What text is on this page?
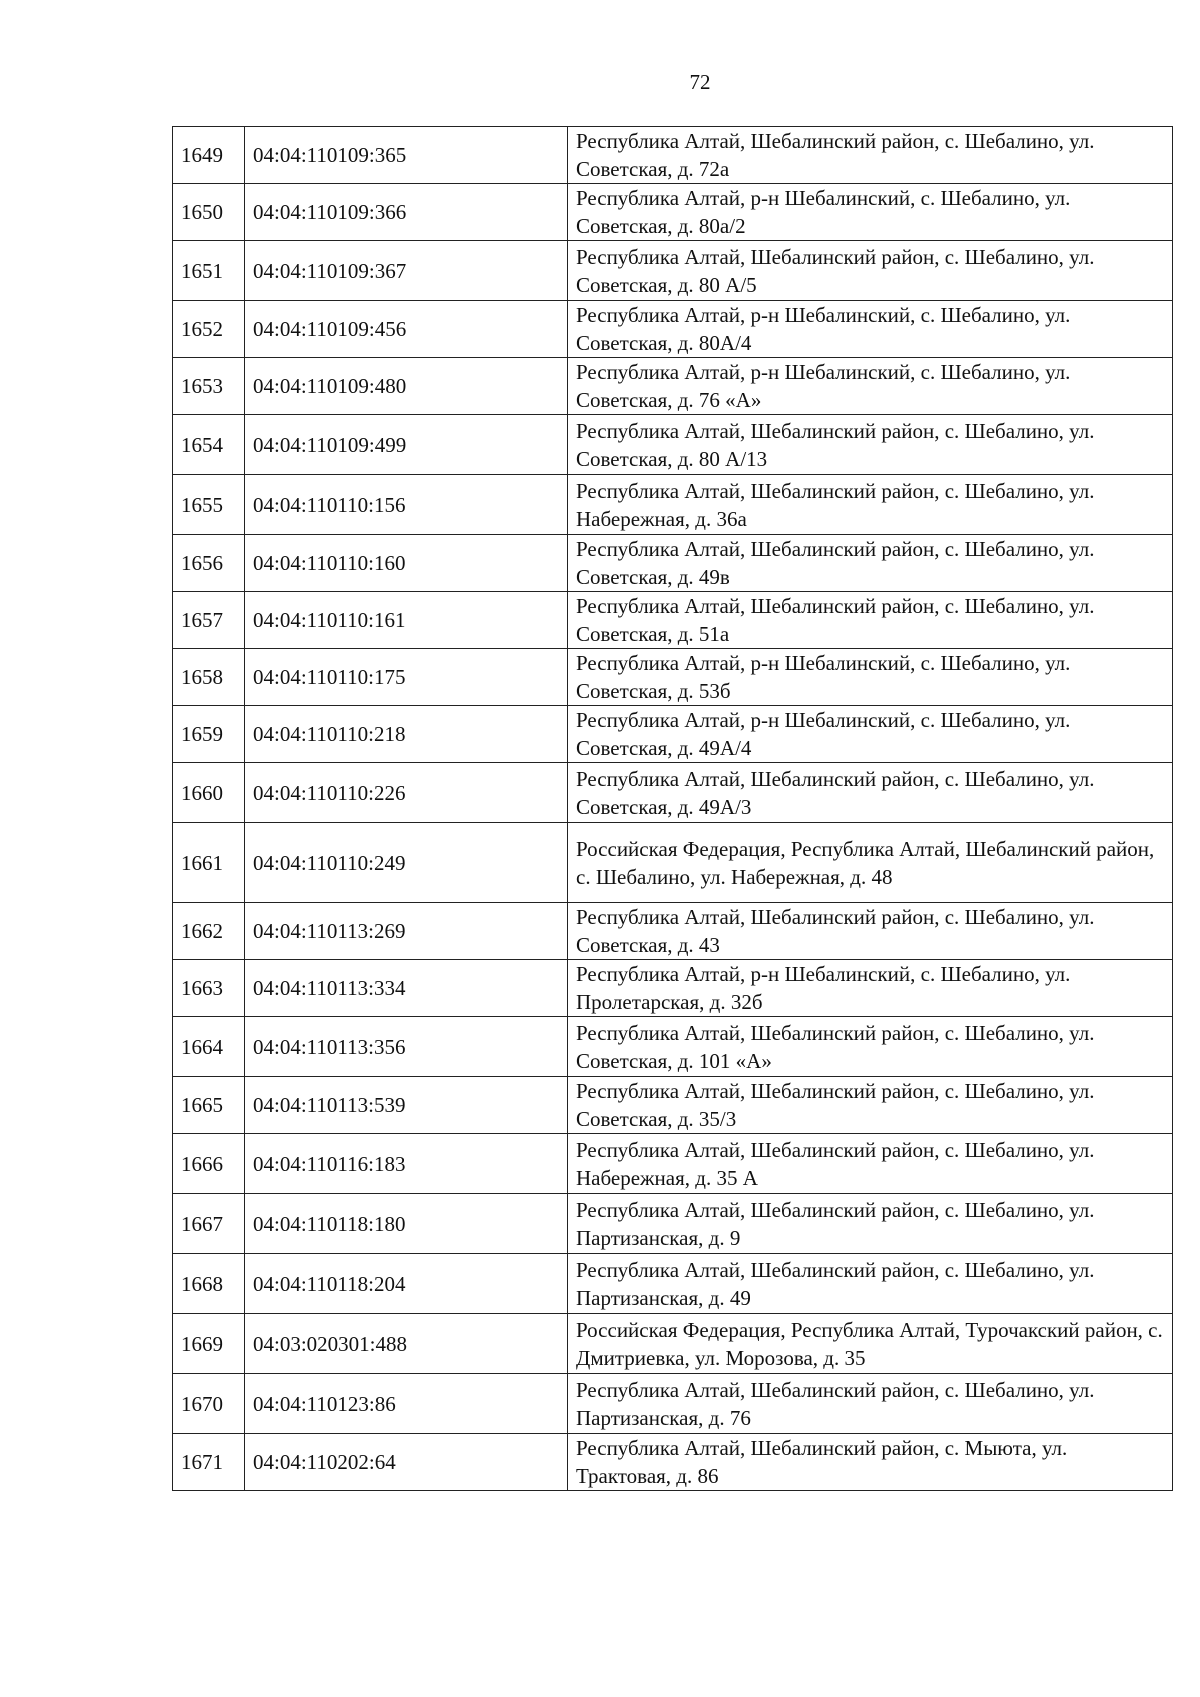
72
1649	04:04:110109:365	Республика Алтай, Шебалинский район, с. Шебалино, ул. Советская, д. 72а
1650	04:04:110109:366	Республика Алтай, р-н Шебалинский, с. Шебалино, ул. Советская, д. 80а/2
1651	04:04:110109:367	Республика Алтай, Шебалинский район, с. Шебалино, ул. Советская, д. 80 А/5
1652	04:04:110109:456	Республика Алтай, р-н Шебалинский, с. Шебалино, ул. Советская, д. 80А/4
1653	04:04:110109:480	Республика Алтай, р-н Шебалинский, с. Шебалино, ул. Советская, д. 76 «А»
1654	04:04:110109:499	Республика Алтай, Шебалинский район, с. Шебалино, ул. Советская, д. 80 А/13
1655	04:04:110110:156	Республика Алтай, Шебалинский район, с. Шебалино, ул. Набережная, д. 36а
1656	04:04:110110:160	Республика Алтай, Шебалинский район, с. Шебалино, ул. Советская, д. 49в
1657	04:04:110110:161	Республика Алтай, Шебалинский район, с. Шебалино, ул. Советская, д. 51а
1658	04:04:110110:175	Республика Алтай, р-н Шебалинский, с. Шебалино, ул. Советская, д. 53б
1659	04:04:110110:218	Республика Алтай, р-н Шебалинский, с. Шебалино, ул. Советская, д. 49А/4
1660	04:04:110110:226	Республика Алтай, Шебалинский район, с. Шебалино, ул. Советская, д. 49А/3
1661	04:04:110110:249	Российская Федерация, Республика Алтай, Шебалинский район, с. Шебалино, ул. Набережная, д. 48
1662	04:04:110113:269	Республика Алтай, Шебалинский район, с. Шебалино, ул. Советская, д. 43
1663	04:04:110113:334	Республика Алтай, р-н Шебалинский, с. Шебалино, ул. Пролетарская, д. 32б
1664	04:04:110113:356	Республика Алтай, Шебалинский район, с. Шебалино, ул. Советская, д. 101 «А»
1665	04:04:110113:539	Республика Алтай, Шебалинский район, с. Шебалино, ул. Советская, д. 35/3
1666	04:04:110116:183	Республика Алтай, Шебалинский район, с. Шебалино, ул. Набережная, д. 35 А
1667	04:04:110118:180	Республика Алтай, Шебалинский район, с. Шебалино, ул. Партизанская, д. 9
1668	04:04:110118:204	Республика Алтай, Шебалинский район, с. Шебалино, ул. Партизанская, д. 49
1669	04:03:020301:488	Российская Федерация, Республика Алтай, Турочакский район, с. Дмитриевка, ул. Морозова, д. 35
1670	04:04:110123:86	Республика Алтай, Шебалинский район, с. Шебалино, ул. Партизанская, д. 76
1671	04:04:110202:64	Республика Алтай, Шебалинский район, с. Мыюта, ул. Трактовая, д. 86
